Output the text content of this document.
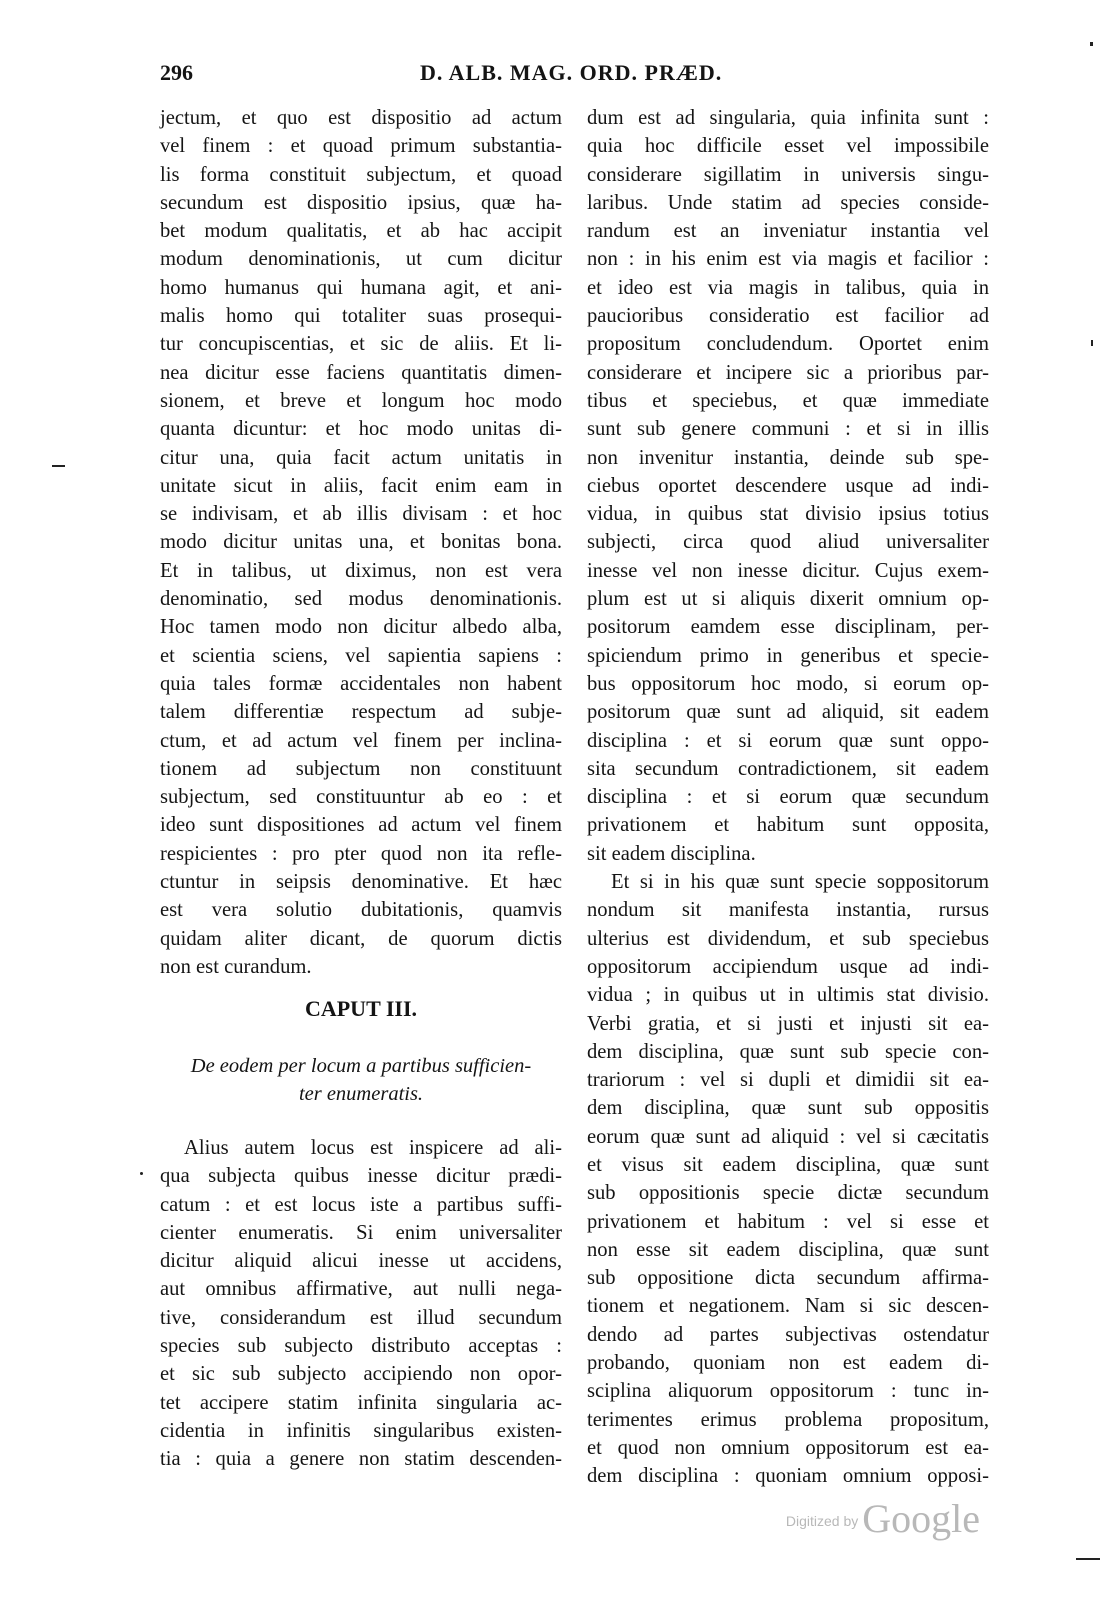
296	D. ALB. MAG. ORD. PRÆD.
jectum, et quo est dispositio ad actum
vel finem : et quoad primum substantia-
lis forma constituit subjectum, et quoad
secundum est dispositio ipsius, quæ ha-
bet modum qualitatis, et ab hac accipit
modum denominationis, ut cum dicitur
homo humanus qui humana agit, et ani-
malis homo qui totaliter suas prosequi-
tur concupiscentias, et sic de aliis. Et li-
nea dicitur esse faciens quantitatis dimen-
sionem, et breve et longum hoc modo
quanta dicuntur: et hoc modo unitas di-
citur una, quia facit actum unitatis in
unitate sicut in aliis, facit enim eam in
se indivisam, et ab illis divisam : et hoc
modo dicitur unitas una, et bonitas bona.
Et in talibus, ut diximus, non est vera
denominatio, sed modus denominationis.
Hoc tamen modo non dicitur albedo alba,
et scientia sciens, vel sapientia sapiens :
quia tales formæ accidentales non habent
talem differentiæ respectum ad subje-
ctum, et ad actum vel finem per inclina-
tionem ad subjectum non constituunt
subjectum, sed constituuntur ab eo : et
ideo sunt dispositiones ad actum vel finem
respicientes : pro pter quod non ita refle-
ctuntur in seipsis denominative. Et hæc
est vera solutio dubitationis, quamvis
quidam aliter dicant, de quorum dictis
non est curandum.
CAPUT III.
De eodem per locum a partibus sufficien-
ter enumeratis.
Alius autem locus est inspicere ad ali-
qua subjecta quibus inesse dicitur prædi-
catum : et est locus iste a partibus suffi-
cienter enumeratis. Si enim universaliter
dicitur aliquid alicui inesse ut accidens,
aut omnibus affirmative, aut nulli nega-
tive, considerandum est illud secundum
species sub subjecto distributo acceptas :
et sic sub subjecto accipiendo non opor-
tet accipere statim infinita singularia ac-
cidentia in infinitis singularibus existen-
tia : quia a genere non statim descenden-
dum est ad singularia, quia infinita sunt :
quia hoc difficile esset vel impossibile
considerare sigillatim in universis singu-
laribus. Unde statim ad species conside-
randum est an inveniatur instantia vel
non : in his enim est via magis et facilior :
et ideo est via magis in talibus, quia in
paucioribus consideratio est facilior ad
propositum concludendum. Oportet enim
considerare et incipere sic a prioribus par-
tibus et speciebus, et quæ immediate
sunt sub genere communi : et si in illis
non invenitur instantia, deinde sub spe-
ciebus oportet descendere usque ad indi-
vidua, in quibus stat divisio ipsius totius
subjecti, circa quod aliud universaliter
inesse vel non inesse dicitur. Cujus exem-
plum est ut si aliquis dixerit omnium op-
positorum eamdem esse disciplinam, per-
spiciendum primo in generibus et specie-
bus oppositorum hoc modo, si eorum op-
positorum quæ sunt ad aliquid, sit eadem
disciplina : et si eorum quæ sunt oppo-
sita secundum contradictionem, sit eadem
disciplina : et si eorum quæ secundum
privationem et habitum sunt opposita,
sit eadem disciplina.
Et si in his quæ sunt specie soppositorum
nondum sit manifesta instantia, rursus
ulterius est dividendum, et sub speciebus
oppositorum accipiendum usque ad indi-
vidua ; in quibus ut in ultimis stat divisio.
Verbi gratia, et si justi et injusti sit ea-
dem disciplina, quæ sunt sub specie con-
trariorum : vel si dupli et dimidii sit ea-
dem disciplina, quæ sunt sub oppositis
eorum quæ sunt ad aliquid : vel si cæcitatis
et visus sit eadem disciplina, quæ sunt
sub oppositionis specie dictæ secundum
privationem et habitum : vel si esse et
non esse sit eadem disciplina, quæ sunt
sub oppositione dicta secundum affirma-
tionem et negationem. Nam si sic descen-
dendo ad partes subjectivas ostendatur
probando, quoniam non est eadem di-
sciplina aliquorum oppositorum : tunc in-
terimentes erimus problema propositum,
et quod non omnium oppositorum est ea-
dem disciplina : quoniam omnium opposi-
Digitized by Google
